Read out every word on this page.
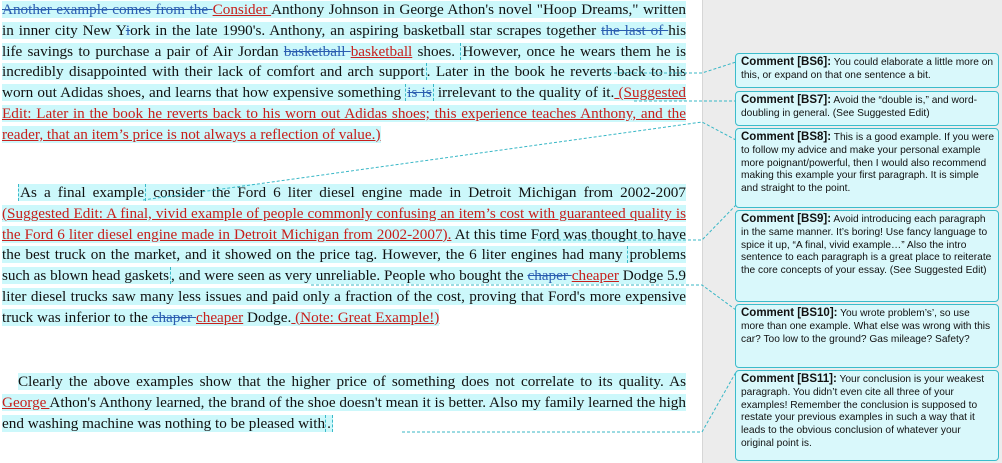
Another example comes from the Consider Anthony Johnson in George Athon's novel "Hoop Dreams," written in inner city New Yiork in the late 1990's. Anthony, an aspiring basketball star scrapes together the last of his life savings to purchase a pair of Air Jordan basketball basketball shoes. However, once he wears them he is incredibly disappointed with their lack of comfort and arch support . Later in the book he reverts back to his worn out Adidas shoes, and learns that how expensive something is is irrelevant to the quality of it. (Suggested Edit: Later in the book he reverts back to his worn out Adidas shoes; this experience teaches Anthony, and the reader, that an item’s price is not always a reflection of value.)
As a final example consider the Ford 6 liter diesel engine made in Detroit Michigan from 2002-2007 (Suggested Edit: A final, vivid example of people commonly confusing an item’s cost with guaranteed quality is the Ford 6 liter diesel engine made in Detroit Michigan from 2002-2007). At this time Ford was thought to have the best truck on the market, and it showed on the price tag. However, the 6 liter engines had many problems such as blown head gaskets , and were seen as very unreliable. People who bought the chaper cheaper Dodge 5.9 liter diesel trucks saw many less issues and paid only a fraction of the cost, proving that Ford's more expensive truck was inferior to the chaper cheaper Dodge. (Note: Great Example!)
Clearly the above examples show that the higher price of something does not correlate to its quality. As George Athon's Anthony learned, the brand of the shoe doesn't mean it is better. Also my family learned the high end washing machine was nothing to be pleased with .
Comment [BS6]: You could elaborate a little more on this, or expand on that one sentence a bit.
Comment [BS7]: Avoid the “double is,” and word-doubling in general. (See Suggested Edit)
Comment [BS8]: This is a good example. If you were to follow my advice and make your personal example more poignant/powerful, then I would also recommend making this example your first paragraph. It is simple and straight to the point.
Comment [BS9]: Avoid introducing each paragraph in the same manner. It’s boring! Use fancy language to spice it up, “A final, vivid example…” Also the intro sentence to each paragraph is a great place to reiterate the core concepts of your essay. (See Suggested Edit)
Comment [BS10]: You wrote problem’s’, so use more than one example. What else was wrong with this car? Too low to the ground? Gas mileage? Safety?
Comment [BS11]: Your conclusion is your weakest paragraph. You didn’t even cite all three of your examples! Remember the conclusion is supposed to restate your previous examples in such a way that it leads to the obvious conclusion of whatever your original point is.
